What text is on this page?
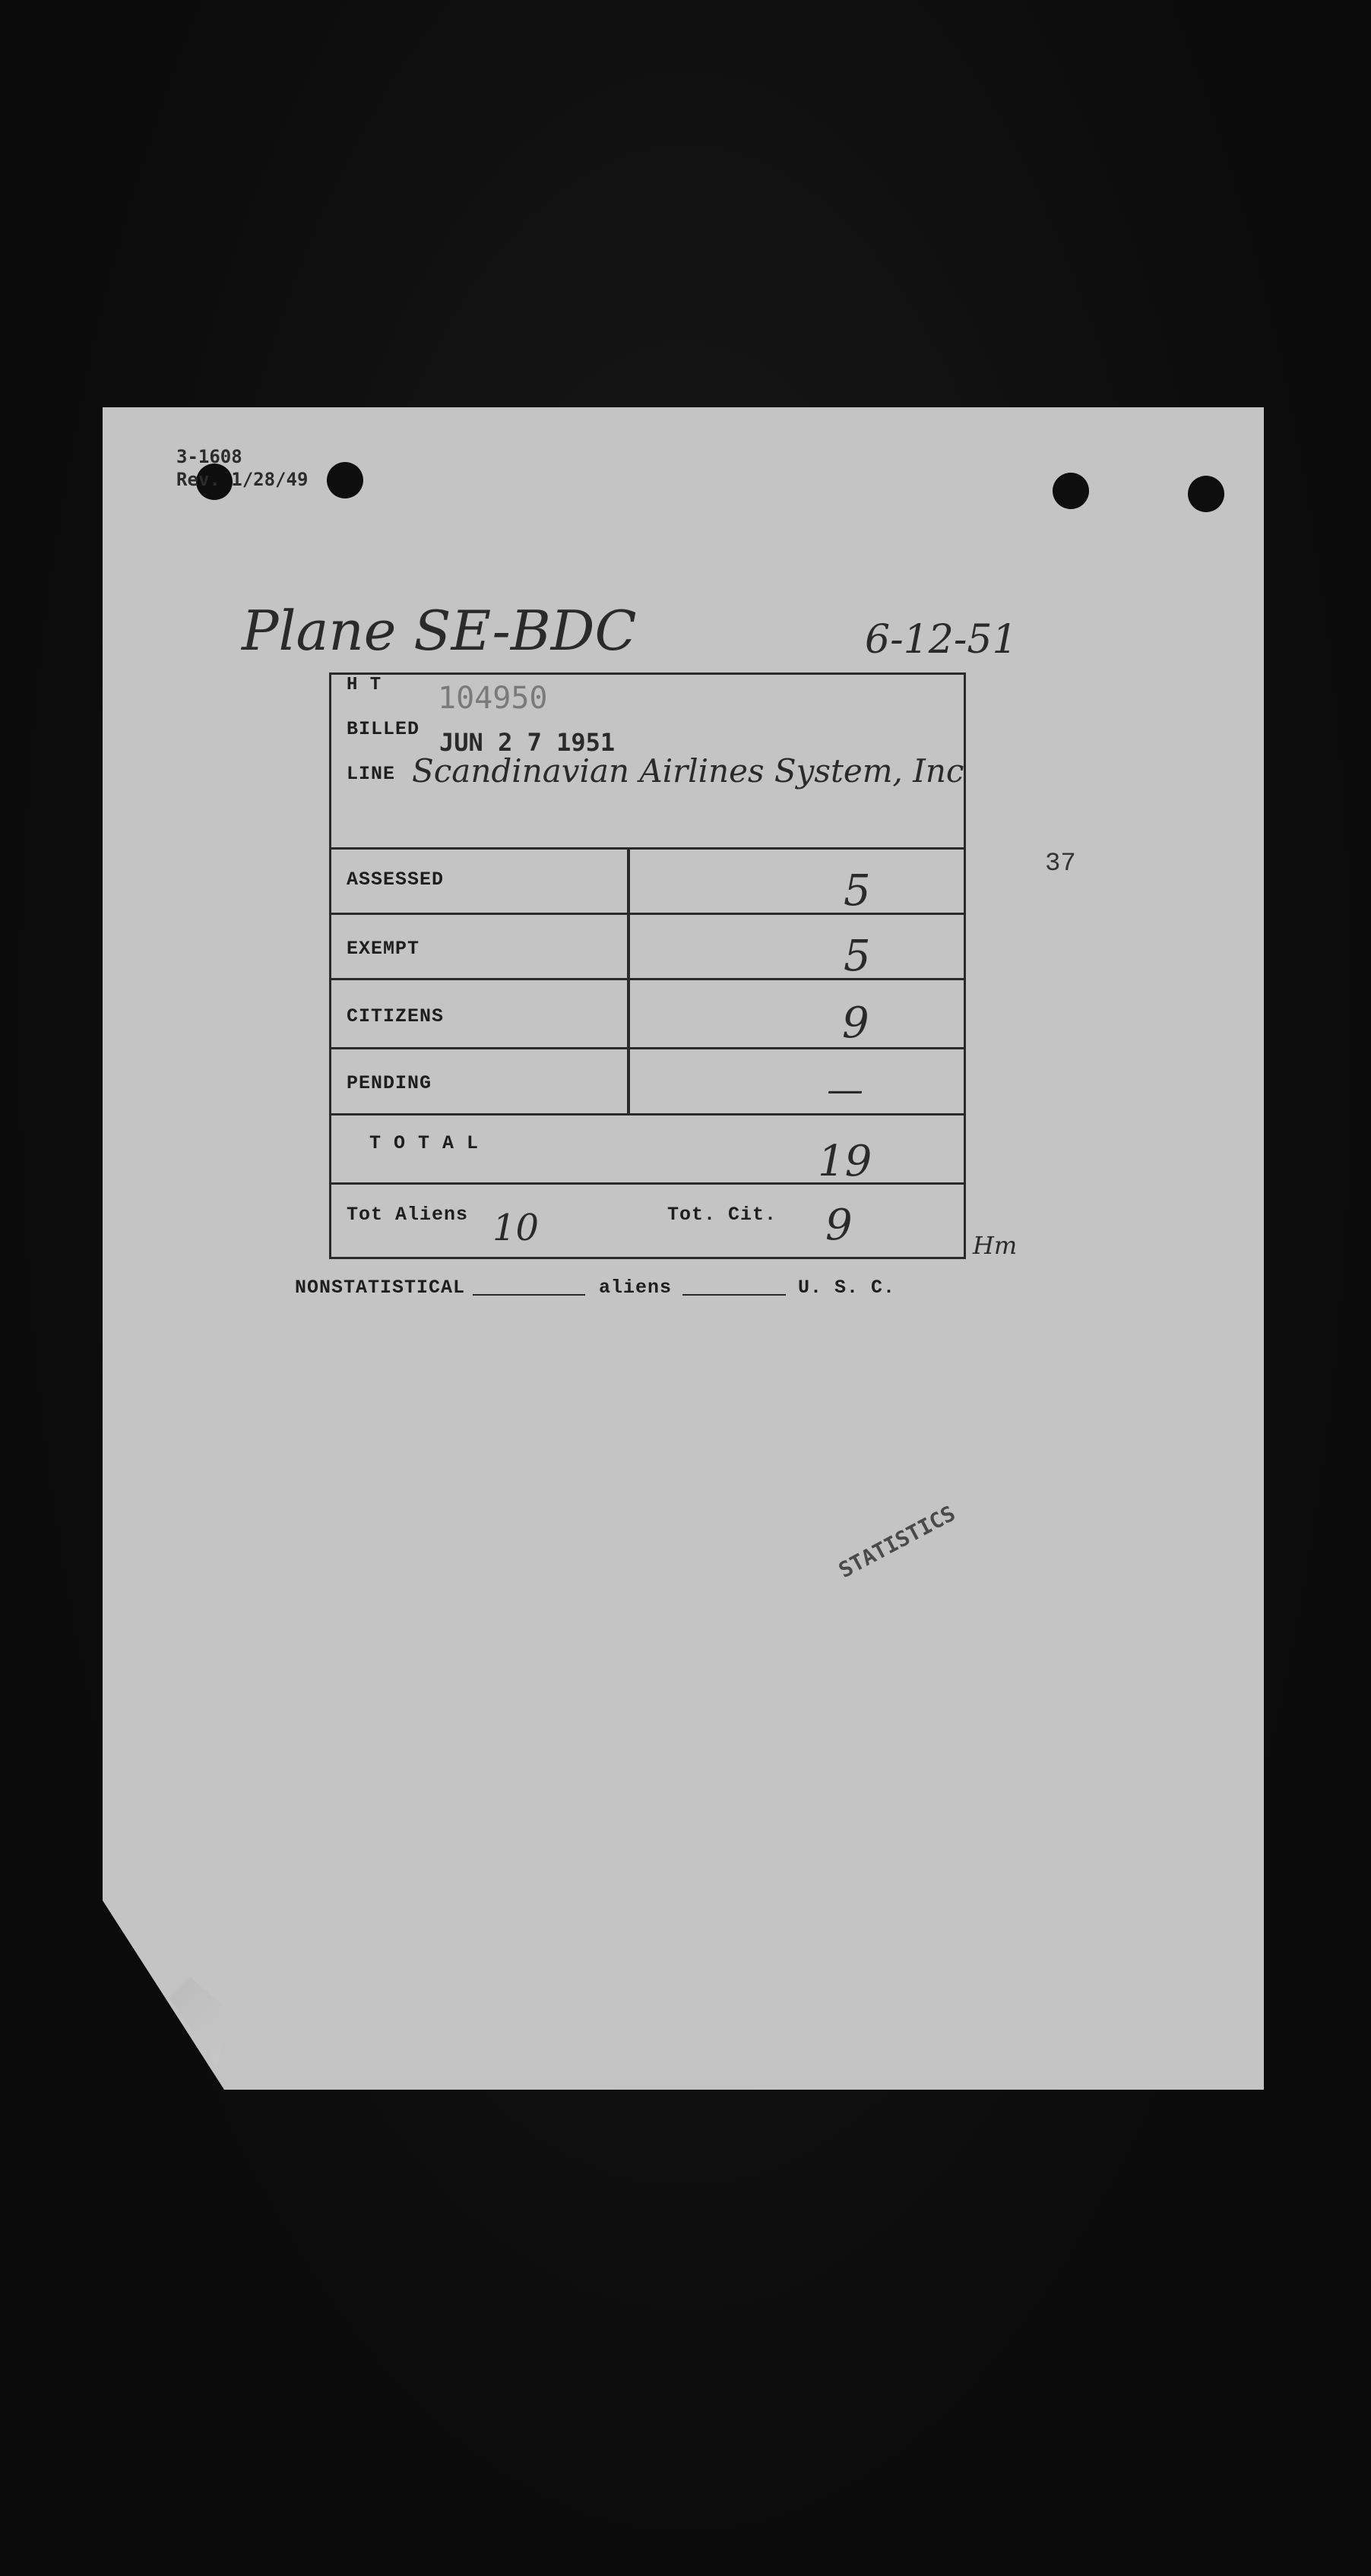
3-1608
Rev. 1/28/49
Plane SE-BDC	6-12-51
37
H T 104950
BILLED JUN 2 7 1951
LINE Scandinavian Airlines System, Inc
ASSESSED	5
EXEMPT	5
CITIZENS	9
PENDING	—
T O T A L	19
Tot Aliens 10	Tot. Cit. 9	Hm
NONSTATISTICAL	aliens	U. S. C.
STATISTICS
